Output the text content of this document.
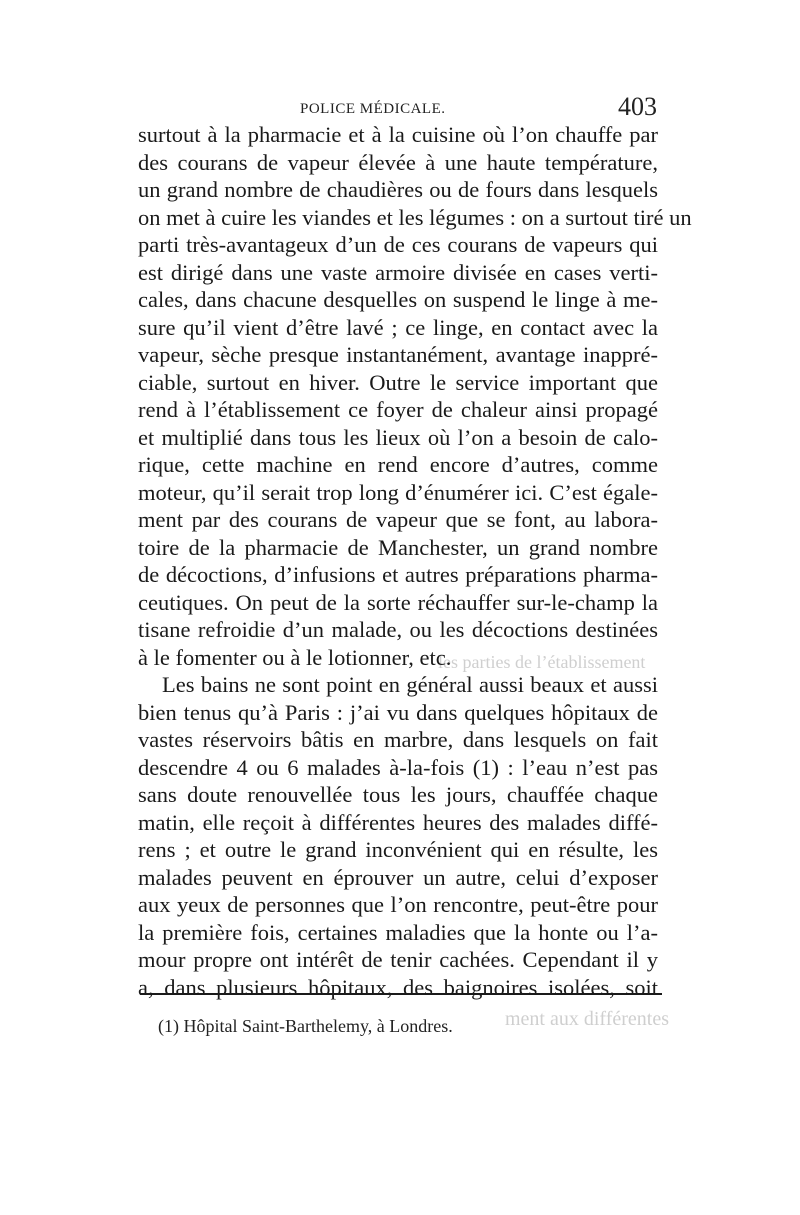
POLICE MÉDICALE.	403
les parties de l’établissement
ment aux différentes
surtout à la pharmacie et à la cuisine où l’on chauffe par
des courans de vapeur élevée à une haute température,
un grand nombre de chaudières ou de fours dans lesquels
on met à cuire les viandes et les légumes : on a surtout tiré un
parti très-avantageux d’un de ces courans de vapeurs qui
est dirigé dans une vaste armoire divisée en cases verti-
cales, dans chacune desquelles on suspend le linge à me-
sure qu’il vient d’être lavé ; ce linge, en contact avec la
vapeur, sèche presque instantanément, avantage inappré-
ciable, surtout en hiver. Outre le service important que
rend à l’établissement ce foyer de chaleur ainsi propagé
et multiplié dans tous les lieux où l’on a besoin de calo-
rique, cette machine en rend encore d’autres, comme
moteur, qu’il serait trop long d’énumérer ici. C’est égale-
ment par des courans de vapeur que se font, au labora-
toire de la pharmacie de Manchester, un grand nombre
de décoctions, d’infusions et autres préparations pharma-
ceutiques. On peut de la sorte réchauffer sur-le-champ la
tisane refroidie d’un malade, ou les décoctions destinées
à le fomenter ou à le lotionner, etc.
Les bains ne sont point en général aussi beaux et aussi
bien tenus qu’à Paris : j’ai vu dans quelques hôpitaux de
vastes réservoirs bâtis en marbre, dans lesquels on fait
descendre 4 ou 6 malades à-la-fois (1) : l’eau n’est pas
sans doute renouvellée tous les jours, chauffée chaque
matin, elle reçoit à différentes heures des malades diffé-
rens ; et outre le grand inconvénient qui en résulte, les
malades peuvent en éprouver un autre, celui d’exposer
aux yeux de personnes que l’on rencontre, peut-être pour
la première fois, certaines maladies que la honte ou l’a-
mour propre ont intérêt de tenir cachées. Cependant il y
a, dans plusieurs hôpitaux, des baignoires isolées, soit
(1) Hôpital Saint-Barthelemy, à Londres.
